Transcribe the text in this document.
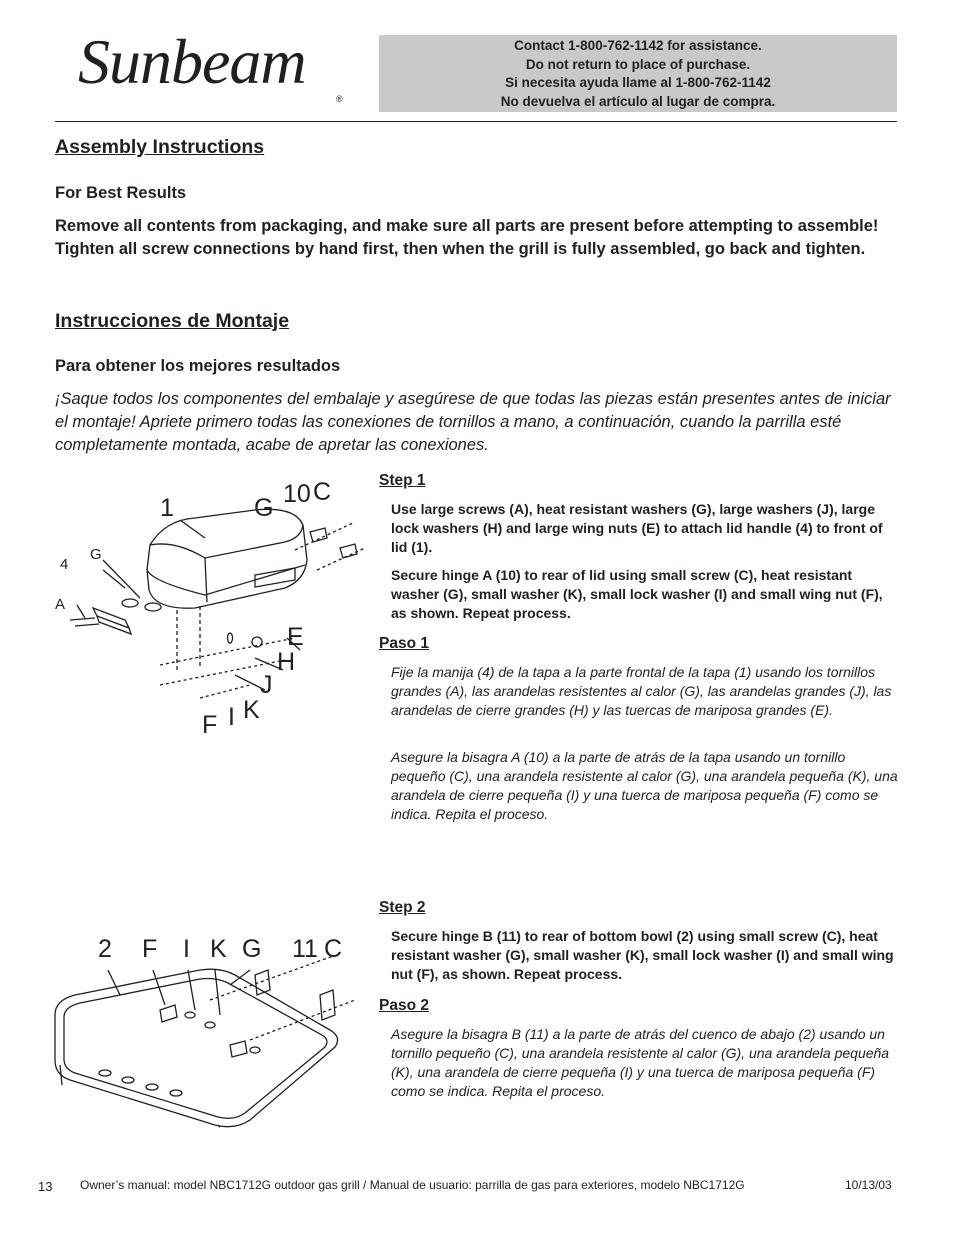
Sunbeam
®
Contact 1-800-762-1142 for assistance.
Do not return to place of purchase.
Si necesita ayuda llame al 1-800-762-1142
No devuelva el artículo al lugar de compra.
Assembly Instructions
For Best Results
Remove all contents from packaging, and make sure all parts are present before attempting to assemble! Tighten all screw connections by hand first, then when the grill is fully assembled, go back and tighten.
Instrucciones de Montaje
Para obtener los mejores resultados
¡Saque todos los componentes del embalaje y asegúrese de que todas las piezas están presentes antes de iniciar el montaje! Apriete primero todas las conexiones de tornillos a mano, a continuación, cuando la parrilla esté completamente montada, acabe de apretar las conexiones.
1	G 10 C
4
G
A
E
H
J
F I K
Step 1
Use large screws (A), heat resistant washers (G), large washers (J), large lock washers (H) and large wing nuts (E) to attach lid handle (4) to front of lid (1).
Secure hinge A (10) to rear of lid using small screw (C), heat resistant washer (G), small washer (K), small lock washer (I) and small wing nut (F), as shown. Repeat process.
Paso 1
Fije la manija (4) de la tapa a la parte frontal de la tapa (1) usando los tornillos grandes (A), las arandelas resistentes al calor (G), las arandelas grandes (J), las arandelas de cierre grandes (H) y las tuercas de mariposa grandes (E).
Asegure la bisagra A (10) a la parte de atrás de la tapa usando un tornillo pequeño (C), una arandela resistente al calor (G), una arandela pequeña (K), una arandela de cierre pequeña (I) y una tuerca de mariposa pequeña (F) como se indica. Repita el proceso.
2 F I K G 11 C
Step 2
Secure hinge B (11) to rear of bottom bowl (2) using small screw (C), heat resistant washer (G), small washer (K), small lock washer (I) and small wing nut (F), as shown. Repeat process.
Paso 2
Asegure la bisagra B (11) a la parte de atrás del cuenco de abajo (2) usando un tornillo pequeño (C), una arandela resistente al calor (G), una arandela pequeña (K), una arandela de cierre pequeña (I) y una tuerca de mariposa pequeña (F) como se indica. Repita el proceso.
13 Owner’s manual: model NBC1712G outdoor gas grill / Manual de usuario: parrilla de gas para exteriores, modelo NBC1712G	10/13/03
